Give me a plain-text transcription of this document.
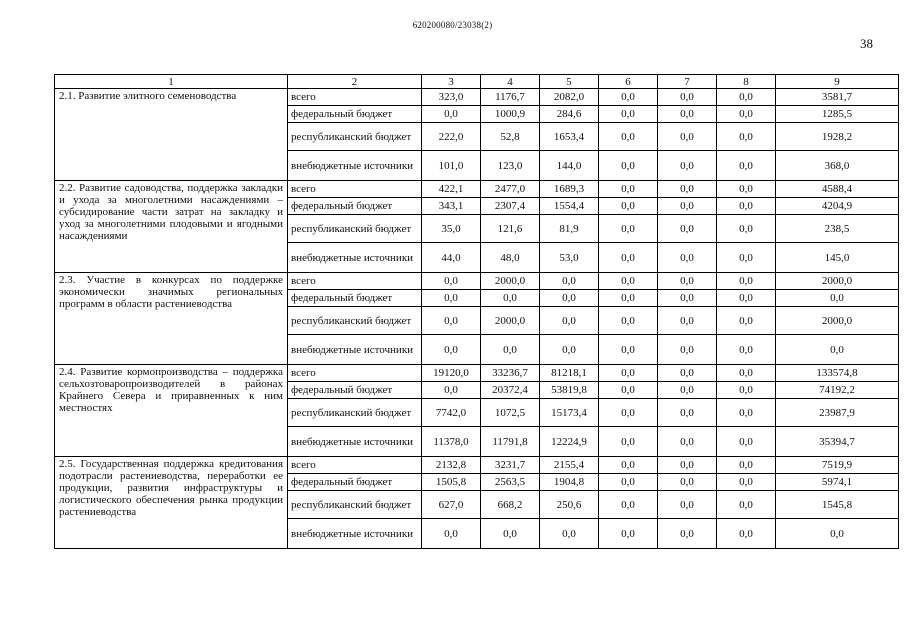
620200080/23038(2)
38
1	2	3	4	5	6	7	8	9
2.1. Развитие элитного семеноводства	всего	323,0	1176,7	2082,0	0,0	0,0	0,0	3581,7
	федеральный бюджет	0,0	1000,9	284,6	0,0	0,0	0,0	1285,5
	республиканский бюджет	222,0	52,8	1653,4	0,0	0,0	0,0	1928,2
	внебюджетные источники	101,0	123,0	144,0	0,0	0,0	0,0	368,0
2.2. Развитие садоводства, поддержка закладки и ухода за многолетними насаждениями – субсидирование части затрат на закладку и уход за многолетними плодовыми и ягодными насаждениями	всего	422,1	2477,0	1689,3	0,0	0,0	0,0	4588,4
	федеральный бюджет	343,1	2307,4	1554,4	0,0	0,0	0,0	4204,9
	республиканский бюджет	35,0	121,6	81,9	0,0	0,0	0,0	238,5
	внебюджетные источники	44,0	48,0	53,0	0,0	0,0	0,0	145,0
2.3. Участие в конкурсах по поддержке экономически значимых региональных программ в области растениеводства	всего	0,0	2000,0	0,0	0,0	0,0	0,0	2000,0
	федеральный бюджет	0,0	0,0	0,0	0,0	0,0	0,0	0,0
	республиканский бюджет	0,0	2000,0	0,0	0,0	0,0	0,0	2000,0
	внебюджетные источники	0,0	0,0	0,0	0,0	0,0	0,0	0,0
2.4. Развитие кормопроизводства – поддержка сельхозтоваропроизводителей в районах Крайнего Севера и приравненных к ним местностях	всего	19120,0	33236,7	81218,1	0,0	0,0	0,0	133574,8
	федеральный бюджет	0,0	20372,4	53819,8	0,0	0,0	0,0	74192,2
	республиканский бюджет	7742,0	1072,5	15173,4	0,0	0,0	0,0	23987,9
	внебюджетные источники	11378,0	11791,8	12224,9	0,0	0,0	0,0	35394,7
2.5. Государственная поддержка кредитования подотрасли растениеводства, переработки ее продукции, развития инфраструктуры и логистического обеспечения рынка продукции растениеводства	всего	2132,8	3231,7	2155,4	0,0	0,0	0,0	7519,9
	федеральный бюджет	1505,8	2563,5	1904,8	0,0	0,0	0,0	5974,1
	республиканский бюджет	627,0	668,2	250,6	0,0	0,0	0,0	1545,8
	внебюджетные источники	0,0	0,0	0,0	0,0	0,0	0,0	0,0
